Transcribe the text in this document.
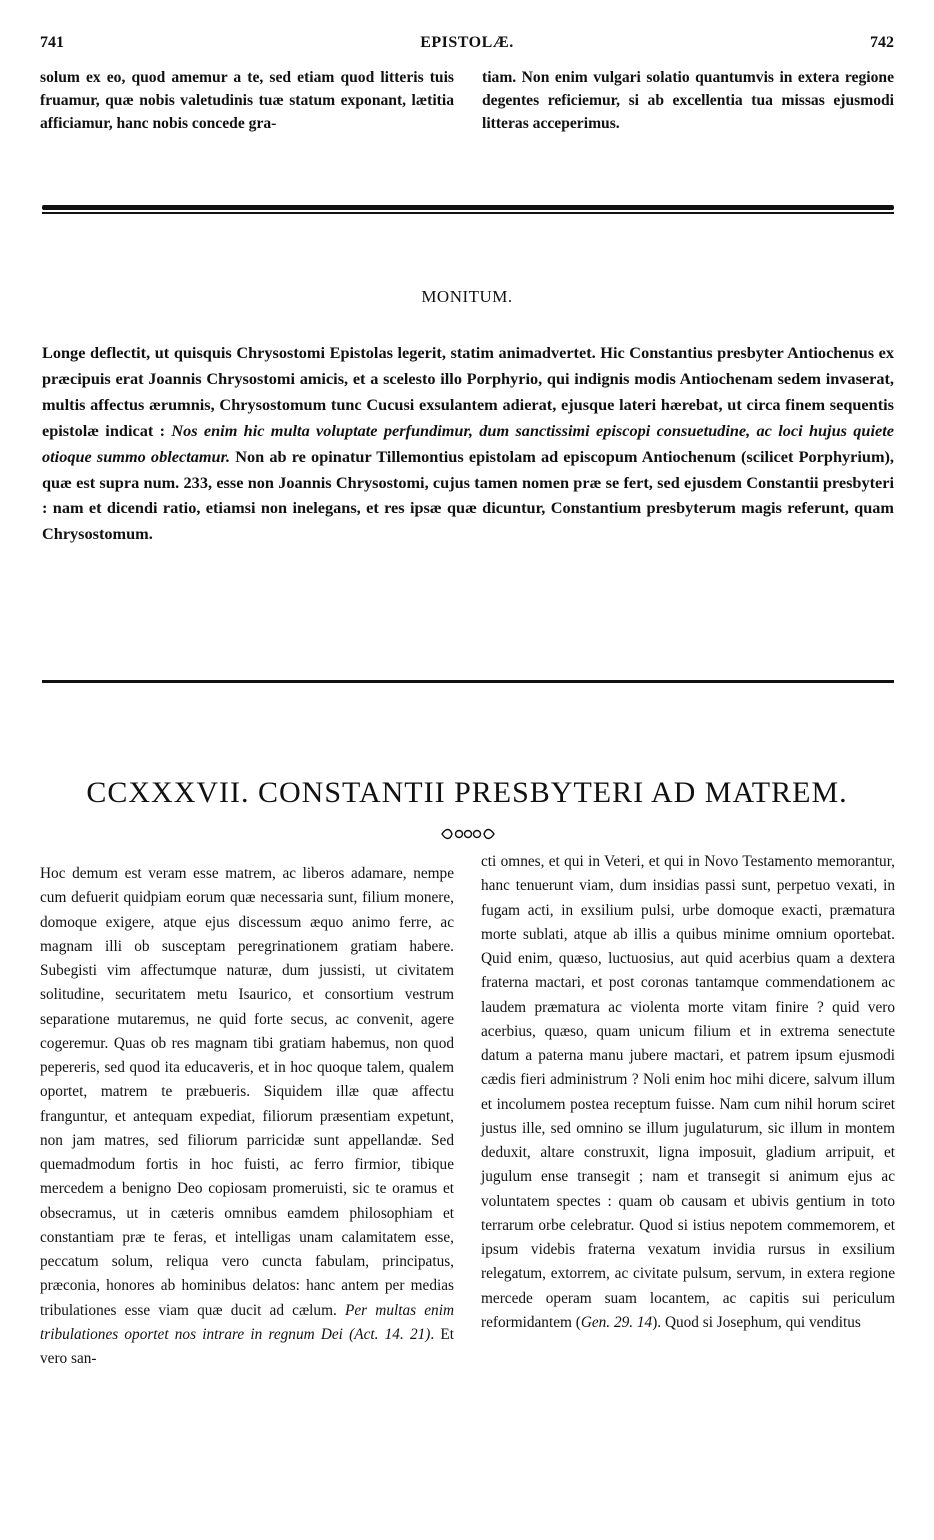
741	EPISTOLÆ.	742

solum ex eo, quod amemur a te, sed etiam quod litteris tuis fruamur, quæ nobis valetudinis tuæ statum exponant, lætitia afficiamur, hanc nobis concede gra-

tiam. Non enim vulgari solatio quantumvis in extera regione degentes reficiemur, si ab excellentia tua missas ejusmodi litteras acceperimus.

MONITUM.

Longe deflectit, ut quisquis Chrysostomi Epistolas legerit, statim animadvertet. Hic Constantius presbyter Antiochenus ex præcipuis erat Joannis Chrysostomi amicis, et a scelesto illo Porphyrio, qui indignis modis Antiochenam sedem invaserat, multis affectus ærumnis, Chrysostomum tunc Cucusi exsulantem adierat, ejusque lateri hærebat, ut circa finem sequentis epistolæ indicat : Nos enim hic multa voluptate perfundimur, dum sanctissimi episcopi consuetudine, ac loci hujus quiete otioque summo oblectamur. Non ab re opinatur Tillemontius epistolam ad episcopum Antiochenum (scilicet Porphyrium), quæ est supra num. 233, esse non Joannis Chrysostomi, cujus tamen nomen præ se fert, sed ejusdem Constantii presbyteri : nam et dicendi ratio, etiamsi non inelegans, et res ipsæ quæ dicuntur, Constantium presbyterum magis referunt, quam Chrysostomum.

CCXXXVII. CONSTANTII PRESBYTERI AD MATREM.

Hoc demum est veram esse matrem, ac liberos adamare, nempe cum defuerit quidpiam eorum quæ necessaria sunt, filium monere, domoque exigere, atque ejus discessum æquo animo ferre, ac magnam illi ob susceptam peregrinationem gratiam habere. Subegisti vim affectumque naturæ, dum jussisti, ut civitatem solitudine, securitatem metu Isaurico, et consortium vestrum separatione mutaremus, ne quid forte secus, ac convenit, agere cogeremur. Quas ob res magnam tibi gratiam habemus, non quod pepereris, sed quod ita educaveris, et in hoc quoque talem, qualem oportet, matrem te præbueris. Siquidem illæ quæ affectu franguntur, et antequam expediat, filiorum præsentiam expetunt, non jam matres, sed filiorum parricidæ sunt appellandæ. Sed quemadmodum fortis in hoc fuisti, ac ferro firmior, tibique mercedem a benigno Deo copiosam promeruisti, sic te oramus et obsecramus, ut in cæteris omnibus eamdem philosophiam et constantiam præ te feras, et intelligas unam calamitatem esse, peccatum solum, reliqua vero cuncta fabulam, principatus, præconia, honores ab hominibus delatos: hanc antem per medias tribulationes esse viam quæ ducit ad cælum. Per multas enim tribulationes oportet nos intrare in regnum Dei (Act. 14. 21). Et vero san-

cti omnes, et qui in Veteri, et qui in Novo Testamento memorantur, hanc tenuerunt viam, dum insidias passi sunt, perpetuo vexati, in fugam acti, in exsilium pulsi, urbe domoque exacti, præmatura morte sublati, atque ab illis a quibus minime omnium oportebat. Quid enim, quæso, luctuosius, aut quid acerbius quam a dextera fraterna mactari, et post coronas tantamque commendationem ac laudem præmatura ac violenta morte vitam finire ? quid vero acerbius, quæso, quam unicum filium et in extrema senectute datum a paterna manu jubere mactari, et patrem ipsum ejusmodi cædis fieri administrum ? Noli enim hoc mihi dicere, salvum illum et incolumem postea receptum fuisse. Nam cum nihil horum sciret justus ille, sed omnino se illum jugulaturum, sic illum in montem deduxit, altare construxit, ligna imposuit, gladium arripuit, et jugulum ense transegit ; nam et transegit si animum ejus ac voluntatem spectes : quam ob causam et ubivis gentium in toto terrarum orbe celebratur. Quod si istius nepotem commemorem, et ipsum videbis fraterna vexatum invidia rursus in exsilium relegatum, extorrem, ac civitate pulsum, servum, in extera regione mercede operam suam locantem, ac capitis sui periculum reformidantem (Gen. 29. 14). Quod si Josephum, qui venditus
